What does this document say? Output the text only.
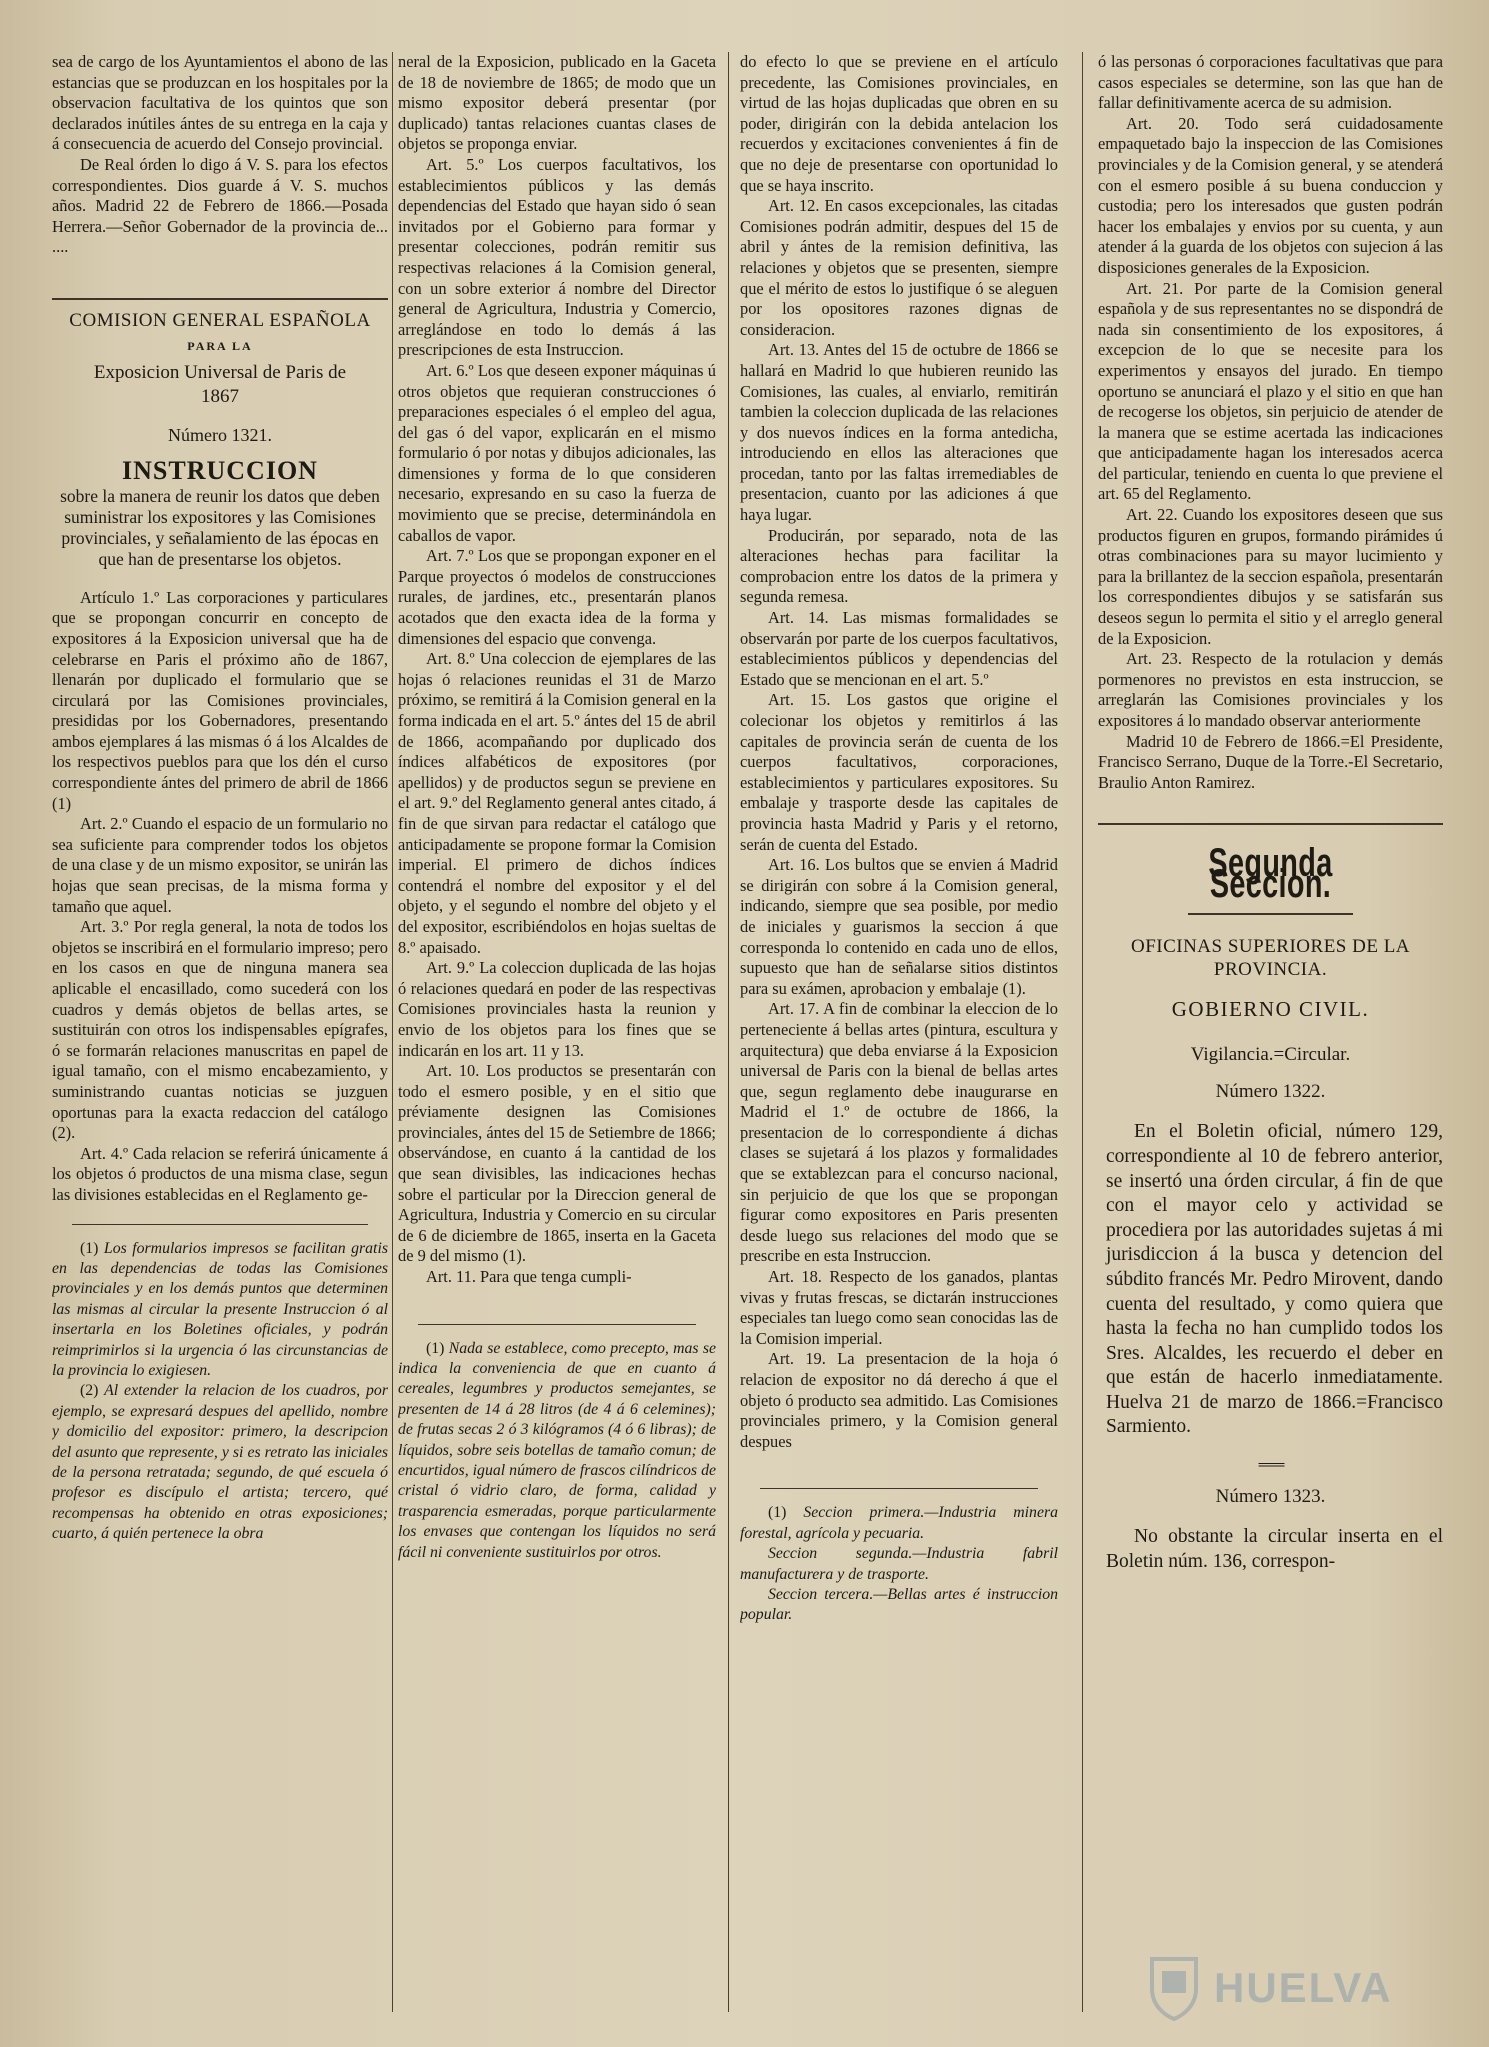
sea de cargo de los Ayuntamientos el abono de las estancias que se produzcan en los hospitales por la observacion facultativa de los quintos que son declarados inútiles ántes de su entrega en la caja y á consecuencia de acuerdo del Consejo provincial.

De Real órden lo digo á V. S. para los efectos correspondientes. Dios guarde á V. S. muchos años. Madrid 22 de Febrero de 1866.—Posada Herrera.—Señor Gobernador de la provincia de... ....

COMISION GENERAL ESPAÑOLA

PARA LA

Exposicion Universal de Paris de

1867

Número 1321.

INSTRUCCION

sobre la manera de reunir los datos que deben suministrar los expositores y las Comisiones provinciales, y señalamiento de las épocas en que han de presentarse los objetos.

Artículo 1.º Las corporaciones y particulares que se propongan concurrir en concepto de expositores á la Exposicion universal que ha de celebrarse en Paris el próximo año de 1867, llenarán por duplicado el formulario que se circulará por las Comisiones provinciales, presididas por los Gobernadores, presentando ambos ejemplares á las mismas ó á los Alcaldes de los respectivos pueblos para que los dén el curso correspondiente ántes del primero de abril de 1866 (1)

Art. 2.º Cuando el espacio de un formulario no sea suficiente para comprender todos los objetos de una clase y de un mismo expositor, se unirán las hojas que sean precisas, de la misma forma y tamaño que aquel.

Art. 3.º Por regla general, la nota de todos los objetos se inscribirá en el formulario impreso; pero en los casos en que de ninguna manera sea aplicable el encasillado, como sucederá con los cuadros y demás objetos de bellas artes, se sustituirán con otros los indispensables epígrafes, ó se formarán relaciones manuscritas en papel de igual tamaño, con el mismo encabezamiento, y suministrando cuantas noticias se juzguen oportunas para la exacta redaccion del catálogo (2).

Art. 4.º Cada relacion se referirá únicamente á los objetos ó productos de una misma clase, segun las divisiones establecidas en el Reglamento ge-

(1) Los formularios impresos se facilitan gratis en las dependencias de todas las Comisiones provinciales y en los demás puntos que determinen las mismas al circular la presente Instruccion ó al insertarla en los Boletines oficiales, y podrán reimprimirlos si la urgencia ó las circunstancias de la provincia lo exigiesen.

(2) Al extender la relacion de los cuadros, por ejemplo, se expresará despues del apellido, nombre y domicilio del expositor: primero, la descripcion del asunto que represente, y si es retrato las iniciales de la persona retratada; segundo, de qué escuela ó profesor es discípulo el artista; tercero, qué recompensas ha obtenido en otras exposiciones; cuarto, á quién pertenece la obra

neral de la Exposicion, publicado en la Gaceta de 18 de noviembre de 1865; de modo que un mismo expositor deberá presentar (por duplicado) tantas relaciones cuantas clases de objetos se proponga enviar.

Art. 5.º Los cuerpos facultativos, los establecimientos públicos y las demás dependencias del Estado que hayan sido ó sean invitados por el Gobierno para formar y presentar colecciones, podrán remitir sus respectivas relaciones á la Comision general, con un sobre exterior á nombre del Director general de Agricultura, Industria y Comercio, arreglándose en todo lo demás á las prescripciones de esta Instruccion.

Art. 6.º Los que deseen exponer máquinas ú otros objetos que requieran construcciones ó preparaciones especiales ó el empleo del agua, del gas ó del vapor, explicarán en el mismo formulario ó por notas y dibujos adicionales, las dimensiones y forma de lo que consideren necesario, expresando en su caso la fuerza de movimiento que se precise, determinándola en caballos de vapor.

Art. 7.º Los que se propongan exponer en el Parque proyectos ó modelos de construcciones rurales, de jardines, etc., presentarán planos acotados que den exacta idea de la forma y dimensiones del espacio que convenga.

Art. 8.º Una coleccion de ejemplares de las hojas ó relaciones reunidas el 31 de Marzo próximo, se remitirá á la Comision general en la forma indicada en el art. 5.º ántes del 15 de abril de 1866, acompañando por duplicado dos índices alfabéticos de expositores (por apellidos) y de productos segun se previene en el art. 9.º del Reglamento general antes citado, á fin de que sirvan para redactar el catálogo que anticipadamente se propone formar la Comision imperial. El primero de dichos índices contendrá el nombre del expositor y el del objeto, y el segundo el nombre del objeto y el del expositor, escribiéndolos en hojas sueltas de 8.º apaisado.

Art. 9.º La coleccion duplicada de las hojas ó relaciones quedará en poder de las respectivas Comisiones provinciales hasta la reunion y envio de los objetos para los fines que se indicarán en los art. 11 y 13.

Art. 10. Los productos se presentarán con todo el esmero posible, y en el sitio que préviamente designen las Comisiones provinciales, ántes del 15 de Setiembre de 1866; observándose, en cuanto á la cantidad de los que sean divisibles, las indicaciones hechas sobre el particular por la Direccion general de Agricultura, Industria y Comercio en su circular de 6 de diciembre de 1865, inserta en la Gaceta de 9 del mismo (1).

Art. 11. Para que tenga cumpli-

(1) Nada se establece, como precepto, mas se indica la conveniencia de que en cuanto á cereales, legumbres y productos semejantes, se presenten de 14 á 28 litros (de 4 á 6 celemines); de frutas secas 2 ó 3 kilógramos (4 ó 6 libras); de líquidos, sobre seis botellas de tamaño comun; de encurtidos, igual número de frascos cilíndricos de cristal ó vidrio claro, de forma, calidad y trasparencia esmeradas, porque particularmente los envases que contengan los líquidos no será fácil ni conveniente sustituirlos por otros.

do efecto lo que se previene en el artículo precedente, las Comisiones provinciales, en virtud de las hojas duplicadas que obren en su poder, dirigirán con la debida antelacion los recuerdos y excitaciones convenientes á fin de que no deje de presentarse con oportunidad lo que se haya inscrito.

Art. 12. En casos excepcionales, las citadas Comisiones podrán admitir, despues del 15 de abril y ántes de la remision definitiva, las relaciones y objetos que se presenten, siempre que el mérito de estos lo justifique ó se aleguen por los opositores razones dignas de consideracion.

Art. 13. Antes del 15 de octubre de 1866 se hallará en Madrid lo que hubieren reunido las Comisiones, las cuales, al enviarlo, remitirán tambien la coleccion duplicada de las relaciones y dos nuevos índices en la forma antedicha, introduciendo en ellos las alteraciones que procedan, tanto por las faltas irremediables de presentacion, cuanto por las adiciones á que haya lugar.

Producirán, por separado, nota de las alteraciones hechas para facilitar la comprobacion entre los datos de la primera y segunda remesa.

Art. 14. Las mismas formalidades se observarán por parte de los cuerpos facultativos, establecimientos públicos y dependencias del Estado que se mencionan en el art. 5.º

Art. 15. Los gastos que origine el colecionar los objetos y remitirlos á las capitales de provincia serán de cuenta de los cuerpos facultativos, corporaciones, establecimientos y particulares expositores. Su embalaje y trasporte desde las capitales de provincia hasta Madrid y Paris y el retorno, serán de cuenta del Estado.

Art. 16. Los bultos que se envien á Madrid se dirigirán con sobre á la Comision general, indicando, siempre que sea posible, por medio de iniciales y guarismos la seccion á que corresponda lo contenido en cada uno de ellos, supuesto que han de señalarse sitios distintos para su exámen, aprobacion y embalaje (1).

Art. 17. A fin de combinar la eleccion de lo perteneciente á bellas artes (pintura, escultura y arquitectura) que deba enviarse á la Exposicion universal de Paris con la bienal de bellas artes que, segun reglamento debe inaugurarse en Madrid el 1.º de octubre de 1866, la presentacion de lo correspondiente á dichas clases se sujetará á los plazos y formalidades que se extablezcan para el concurso nacional, sin perjuicio de que los que se propongan figurar como expositores en Paris presenten desde luego sus relaciones del modo que se prescribe en esta Instruccion.

Art. 18. Respecto de los ganados, plantas vivas y frutas frescas, se dictarán instrucciones especiales tan luego como sean conocidas las de la Comision imperial.

Art. 19. La presentacion de la hoja ó relacion de expositor no dá derecho á que el objeto ó producto sea admitido. Las Comisiones provinciales primero, y la Comision general despues

(1) Seccion primera.—Industria minera forestal, agrícola y pecuaria.

Seccion segunda.—Industria fabril manufacturera y de trasporte.

Seccion tercera.—Bellas artes é instruccion popular.

ó las personas ó corporaciones facultativas que para casos especiales se determine, son las que han de fallar definitivamente acerca de su admision.

Art. 20. Todo será cuidadosamente empaquetado bajo la inspeccion de las Comisiones provinciales y de la Comision general, y se atenderá con el esmero posible á su buena conduccion y custodia; pero los interesados que gusten podrán hacer los embalajes y envios por su cuenta, y aun atender á la guarda de los objetos con sujecion á las disposiciones generales de la Exposicion.

Art. 21. Por parte de la Comision general española y de sus representantes no se dispondrá de nada sin consentimiento de los expositores, á excepcion de lo que se necesite para los experimentos y ensayos del jurado. En tiempo oportuno se anunciará el plazo y el sitio en que han de recogerse los objetos, sin perjuicio de atender de la manera que se estime acertada las indicaciones que anticipadamente hagan los interesados acerca del particular, teniendo en cuenta lo que previene el art. 65 del Reglamento.

Art. 22. Cuando los expositores deseen que sus productos figuren en grupos, formando pirámides ú otras combinaciones para su mayor lucimiento y para la brillantez de la seccion española, presentarán los correspondientes dibujos y se satisfarán sus deseos segun lo permita el sitio y el arreglo general de la Exposicion.

Art. 23. Respecto de la rotulacion y demás pormenores no previstos en esta instruccion, se arreglarán las Comisiones provinciales y los expositores á lo mandado observar anteriormente

Madrid 10 de Febrero de 1866.=El Presidente, Francisco Serrano, Duque de la Torre.-El Secretario, Braulio Anton Ramirez.

Segunda Seccion.

OFICINAS SUPERIORES DE LA PROVINCIA.

GOBIERNO CIVIL.

Vigilancia.=Circular.

Número 1322.

En el Boletin oficial, número 129, correspondiente al 10 de febrero anterior, se insertó una órden circular, á fin de que con el mayor celo y actividad se procediera por las autoridades sujetas á mi jurisdiccion á la busca y detencion del súbdito francés Mr. Pedro Mirovent, dando cuenta del resultado, y como quiera que hasta la fecha no han cumplido todos los Sres. Alcaldes, les recuerdo el deber en que están de hacerlo inmediatamente. Huelva 21 de marzo de 1866.=Francisco Sarmiento.

═══

Número 1323.

No obstante la circular inserta en el Boletin núm. 136, correspon-

HUELVA
